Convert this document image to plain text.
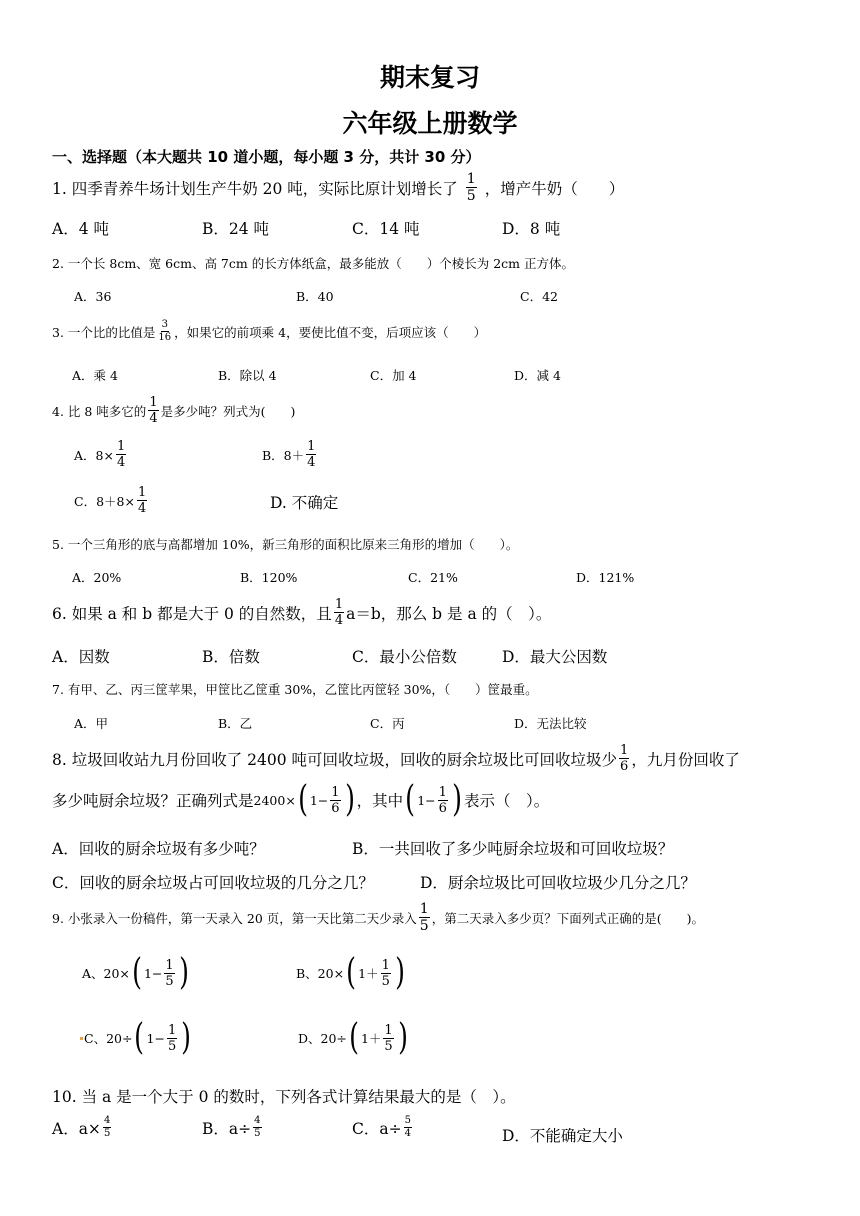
期末复习
六年级上册数学
一、选择题（本大题共 10 道小题，每小题 3 分，共计 30 分）
1. 四季青养牛场计划生产牛奶 20 吨，实际比原计划增长了 $\frac{1}{5}$ ，增产牛奶（　　）
A．4 吨	B．24 吨	C．14 吨	D．8 吨
2. 一个长 8cm、宽 6cm、高 7cm 的长方体纸盒，最多能放（　　）个棱长为 2cm 正方体。
A．36	B．40	C．42
3. 一个比的比值是 $\frac{3}{16}$ ，如果它的前项乘 4，要使比值不变，后项应该（　　）
A．乘 4	B．除以 4	C．加 4	D．减 4
4. 比 8 吨多它的 $\frac{1}{4}$ 是多少吨？列式为(　　)
A．$8\times \frac{1}{4}$	B．$8+ \frac{1}{4}$
C．$8+8\times \frac{1}{4}$	D. 不确定
5. 一个三角形的底与高都增加 10%，新三角形的面积比原来三角形的增加（　　）。
A．20%	B．120%	C．21%	D．121%
6. 如果 a 和 b 都是大于 0 的自然数，且 $\frac{1}{4} a=b$，那么 b 是 a 的（　）。
A．因数	B．倍数	C．最小公倍数	D．最大公因数
7. 有甲、乙、丙三筐苹果，甲筐比乙筐重 30%，乙筐比丙筐轻 30%，（　　）筐最重。
A．甲	B．乙	C．丙	D．无法比较
8. 垃圾回收站九月份回收了 2400 吨可回收垃圾，回收的厨余垃圾比可回收垃圾少 $\frac{1}{6}$ ，九月份回收了
多少吨厨余垃圾？正确列式是 2400× ( $1- \frac{1}{6}$ ) ，其中 ( $1- \frac{1}{6}$ ) 表示（　）。
A．回收的厨余垃圾有多少吨？	B．一共回收了多少吨厨余垃圾和可回收垃圾？
C．回收的厨余垃圾占可回收垃圾的几分之几？	D．厨余垃圾比可回收垃圾少几分之几？
9. 小张录入一份稿件，第一天录入 20 页，第一天比第二天少录入 $\frac{1}{5}$ ，第二天录入多少页？下面列式正确的是(　　)。
A、20× ( $1- \frac{1}{5}$ )	B、20× ( $1+ \frac{1}{5}$ )
C、20÷ ( $1- \frac{1}{5}$ )	D、20÷ ( $1+ \frac{1}{5}$ )
10. 当 a 是一个大于 0 的数时，下列各式计算结果最大的是（　）。
A．$a\times \frac{4}{5}$	B．$a\div \frac{4}{5}$	C．$a\div \frac{5}{4}$	D．不能确定大小
